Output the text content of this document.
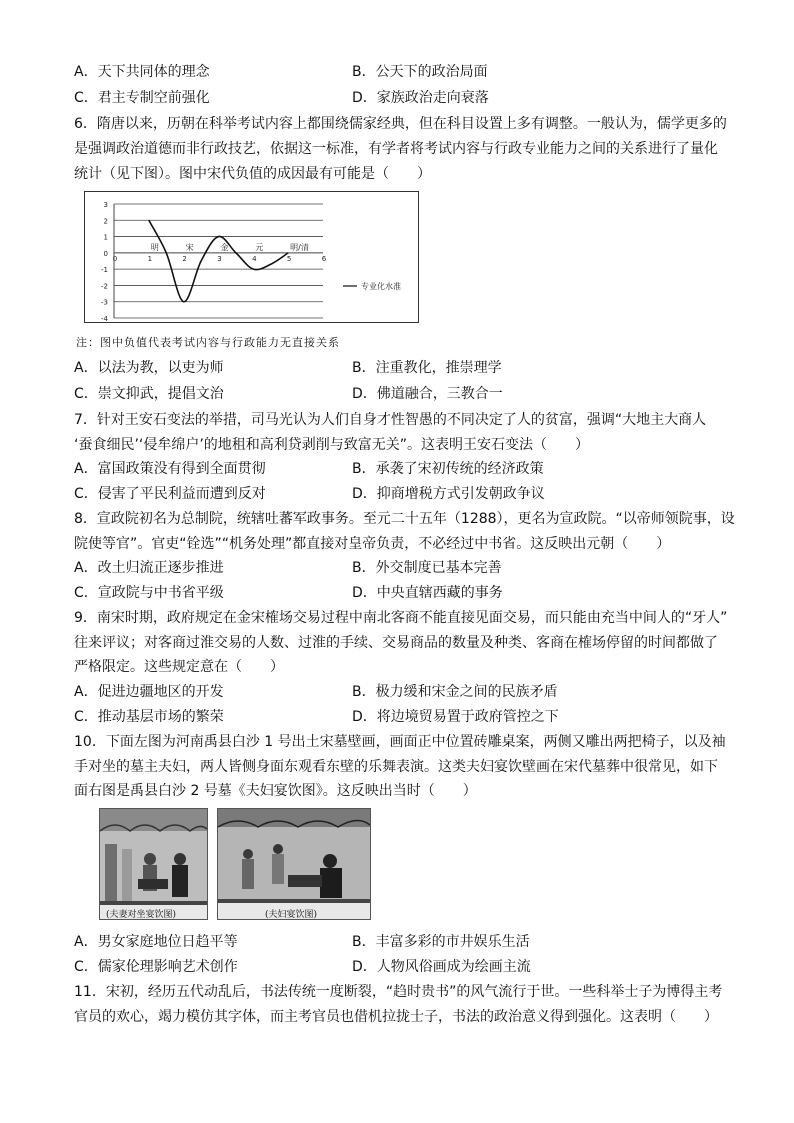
A．天下共同体的理念	B．公天下的政治局面
C．君主专制空前强化	D．家族政治走向衰落
6．隋唐以来，历朝在科举考试内容上都围绕儒家经典，但在科目设置上多有调整。一般认为，儒学更多的
是强调政治道德而非行政技艺，依据这一标准，有学者将考试内容与行政专业能力之间的关系进行了量化
统计（见下图）。图中宋代负值的成因最有可能是（　　）
3
2
1
0
-1
-2
-3
-4
0	1	2	3	4	5	6
明	宋	金	元	明/清
专业化水准
注：图中负值代表考试内容与行政能力无直接关系
A．以法为教，以吏为师	B．注重教化，推崇理学
C．崇文抑武，提倡文治	D．佛道融合，三教合一
7．针对王安石变法的举措，司马光认为人们自身才性智愚的不同决定了人的贫富，强调“大地主大商人
‘蚕食细民’‘侵牟绵户’的地租和高利贷剥削与致富无关”。这表明王安石变法（　　）
A．富国政策没有得到全面贯彻	B．承袭了宋初传统的经济政策
C．侵害了平民利益而遭到反对	D．抑商增税方式引发朝政争议
8．宣政院初名为总制院，统辖吐蕃军政事务。至元二十五年（1288），更名为宣政院。“以帝师领院事，设
院使等官”。官吏“铨选”“机务处理”都直接对皇帝负责，不必经过中书省。这反映出元朝（　　）
A．改土归流正逐步推进	B．外交制度已基本完善
C．宣政院与中书省平级	D．中央直辖西藏的事务
9．南宋时期，政府规定在金宋榷场交易过程中南北客商不能直接见面交易，而只能由充当中间人的“牙人”
往来评议；对客商过淮交易的人数、过淮的手续、交易商品的数量及种类、客商在榷场停留的时间都做了
严格限定。这些规定意在（　　）
A．促进边疆地区的开发	B．极力缓和宋金之间的民族矛盾
C．推动基层市场的繁荣	D．将边境贸易置于政府管控之下
10．下面左图为河南禹县白沙 1 号出土宋墓壁画，画面正中位置砖雕桌案，两侧又雕出两把椅子，以及袖
手对坐的墓主夫妇，两人皆侧身面东观看东壁的乐舞表演。这类夫妇宴饮壁画在宋代墓葬中很常见，如下
面右图是禹县白沙 2 号墓《夫妇宴饮图》。这反映出当时（　　）
(夫妻对坐宴饮图)	(夫妇宴饮图)
A．男女家庭地位日趋平等	B．丰富多彩的市井娱乐生活
C．儒家伦理影响艺术创作	D．人物风俗画成为绘画主流
11．宋初，经历五代动乱后，书法传统一度断裂，“趋时贵书”的风气流行于世。一些科举士子为博得主考
官员的欢心，竭力模仿其字体，而主考官员也借机拉拢士子，书法的政治意义得到强化。这表明（　　）
